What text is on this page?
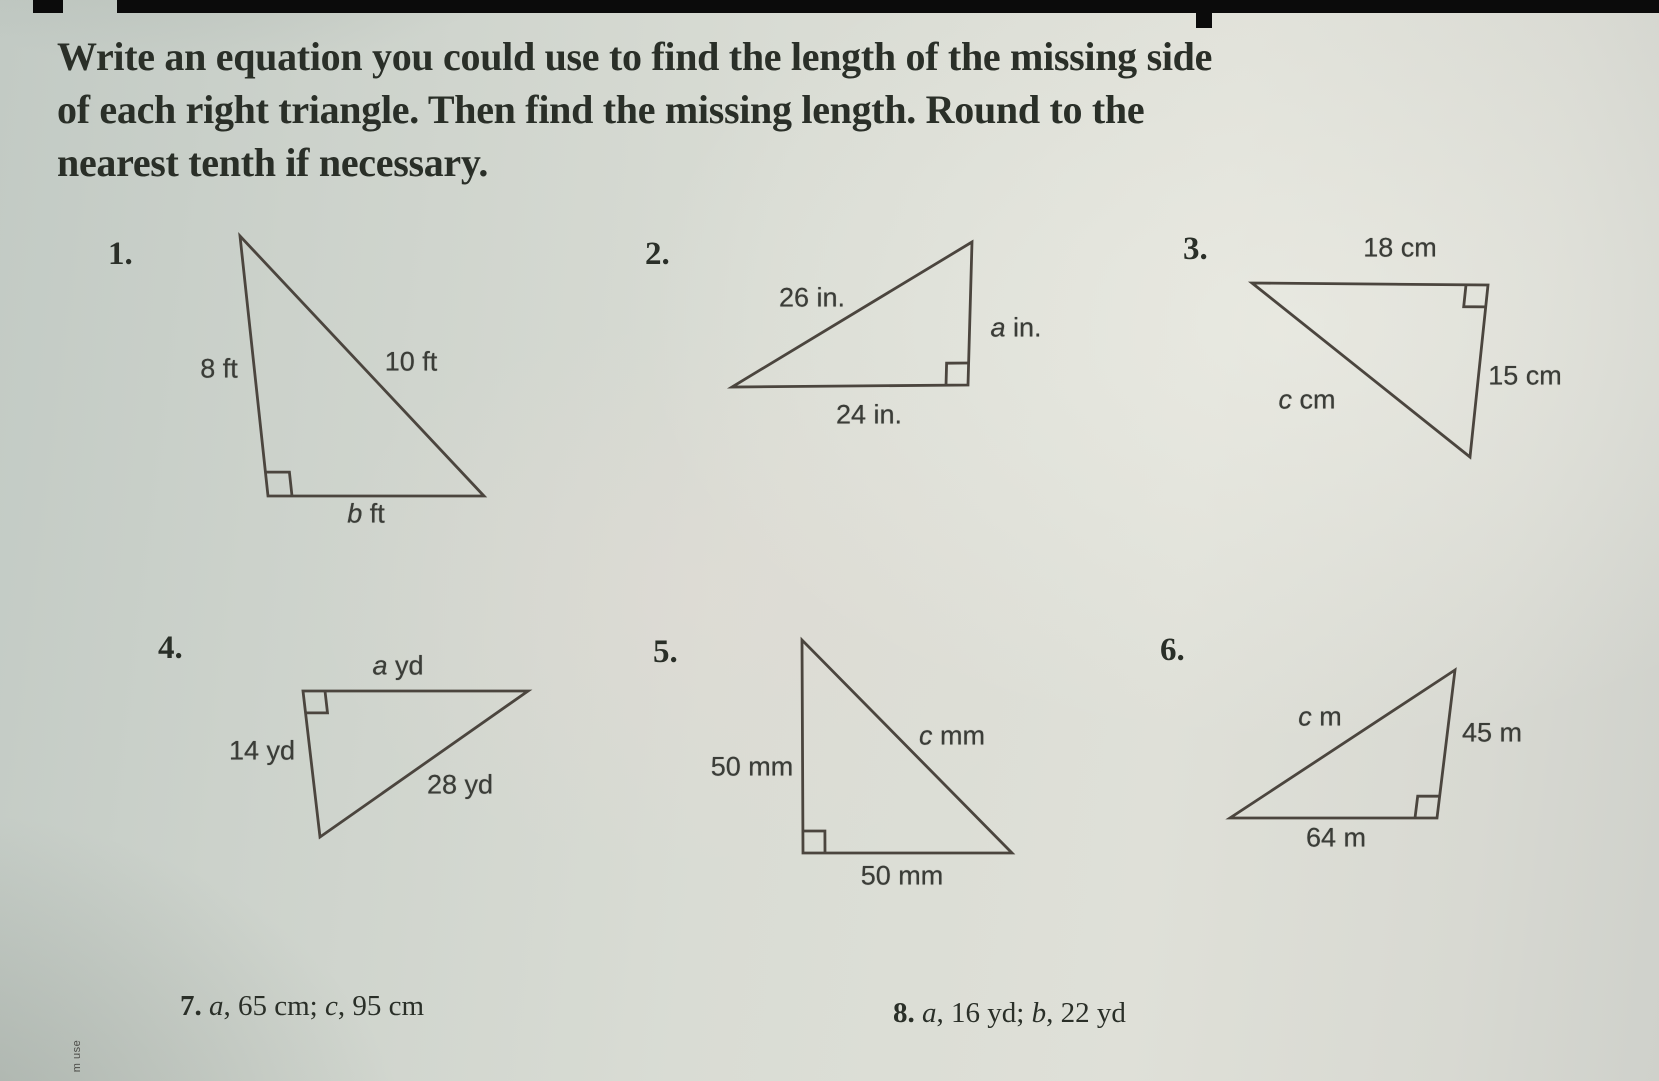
Write an equation you could use to find the length of the missing side
of each right triangle. Then find the missing length. Round to the
nearest tenth if necessary.
1.	2.	3.
4.	5.	6.
8 ft	10 ft
b ft
26 in.
a in.
24 in.
18 cm
15 cm
c cm
a yd
14 yd
28 yd
50 mm
c mm
50 mm
c m
45 m
64 m
7. a, 65 cm; c, 95 cm	8. a, 16 yd; b, 22 yd
m use
